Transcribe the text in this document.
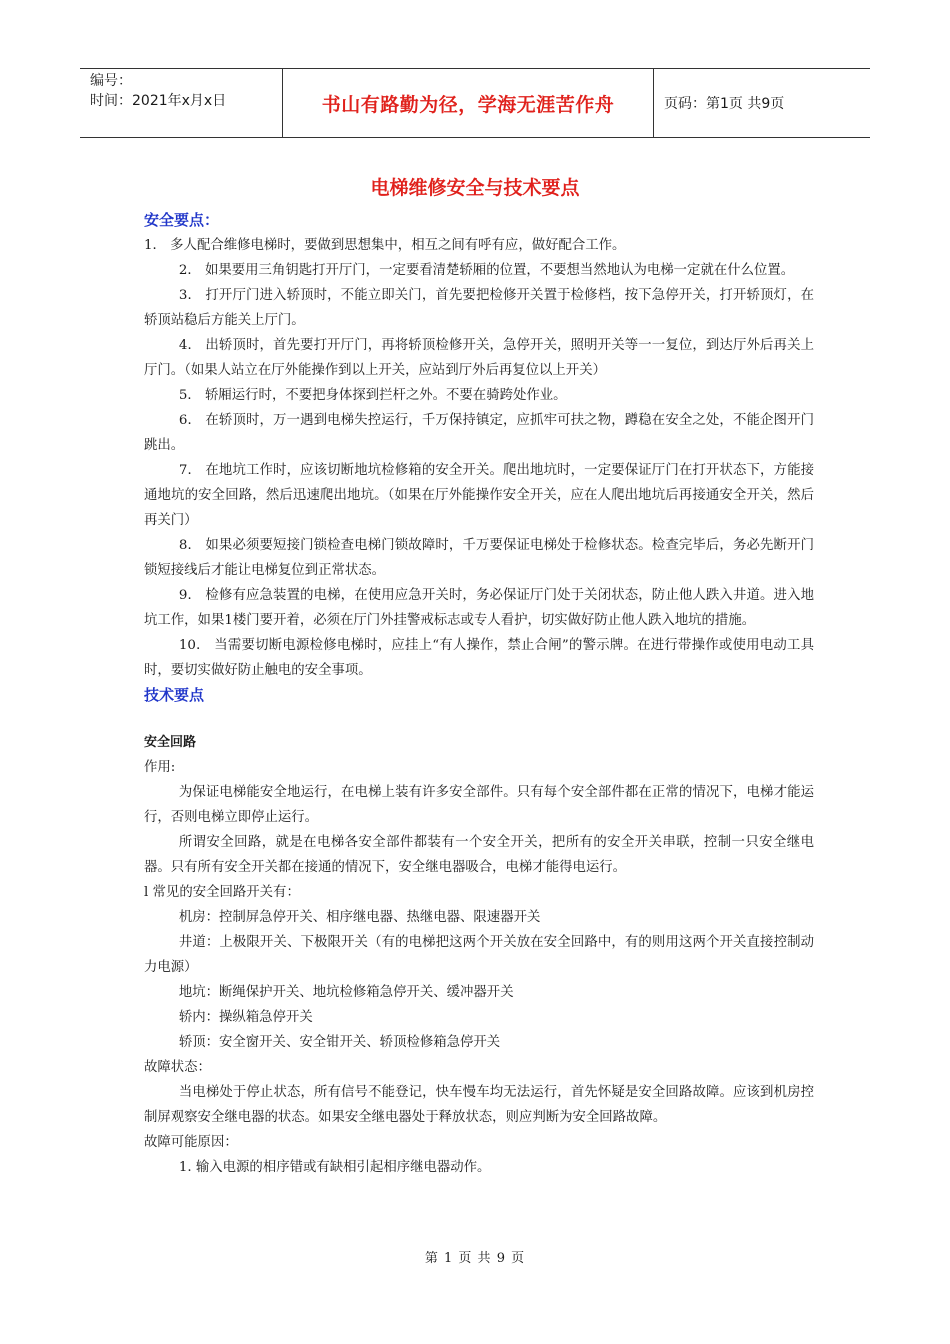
编号：
时间：2021年x月x日	书山有路勤为径，学海无涯苦作舟	页码：第1页 共9页
电梯维修安全与技术要点
安全要点：

1． 多人配合维修电梯时，要做到思想集中，相互之间有呼有应，做好配合工作。

2． 如果要用三角钥匙打开厅门，一定要看清楚轿厢的位置，不要想当然地认为电梯一定就在什么位置。

3． 打开厅门进入轿顶时，不能立即关门，首先要把检修开关置于检修档，按下急停开关，打开轿顶灯，在轿顶站稳后方能关上厅门。

4． 出轿顶时，首先要打开厅门，再将轿顶检修开关，急停开关，照明开关等一一复位，到达厅外后再关上厅门。（如果人站立在厅外能操作到以上开关，应站到厅外后再复位以上开关）

5． 轿厢运行时，不要把身体探到拦杆之外。不要在骑跨处作业。

6． 在轿顶时，万一遇到电梯失控运行，千万保持镇定，应抓牢可扶之物，蹲稳在安全之处，不能企图开门跳出。

7． 在地坑工作时，应该切断地坑检修箱的安全开关。爬出地坑时，一定要保证厅门在打开状态下，方能接通地坑的安全回路，然后迅速爬出地坑。（如果在厅外能操作安全开关，应在人爬出地坑后再接通安全开关，然后再关门）

8． 如果必须要短接门锁检查电梯门锁故障时，千万要保证电梯处于检修状态。检查完毕后，务必先断开门锁短接线后才能让电梯复位到正常状态。

9． 检修有应急装置的电梯，在使用应急开关时，务必保证厅门处于关闭状态，防止他人跌入井道。进入地坑工作，如果1楼门要开着，必须在厅门外挂警戒标志或专人看护，切实做好防止他人跌入地坑的措施。

10． 当需要切断电源检修电梯时，应挂上“有人操作，禁止合闸”的警示牌。在进行带操作或使用电动工具时，要切实做好防止触电的安全事项。

技术要点
安全回路

作用:

为保证电梯能安全地运行，在电梯上装有许多安全部件。只有每个安全部件都在正常的情况下，电梯才能运行，否则电梯立即停止运行。

所谓安全回路，就是在电梯各安全部件都装有一个安全开关，把所有的安全开关串联，控制一只安全继电器。只有所有安全开关都在接通的情况下，安全继电器吸合，电梯才能得电运行。

l 常见的安全回路开关有：

机房：控制屏急停开关、相序继电器、热继电器、限速器开关

井道：上极限开关、下极限开关（有的电梯把这两个开关放在安全回路中，有的则用这两个开关直接控制动力电源）

地坑：断绳保护开关、地坑检修箱急停开关、缓冲器开关

轿内：操纵箱急停开关

轿顶：安全窗开关、安全钳开关、轿顶检修箱急停开关

故障状态：

当电梯处于停止状态，所有信号不能登记，快车慢车均无法运行，首先怀疑是安全回路故障。应该到机房控制屏观察安全继电器的状态。如果安全继电器处于释放状态，则应判断为安全回路故障。

故障可能原因：

1. 输入电源的相序错或有缺相引起相序继电器动作。

第 1 页 共 9 页
